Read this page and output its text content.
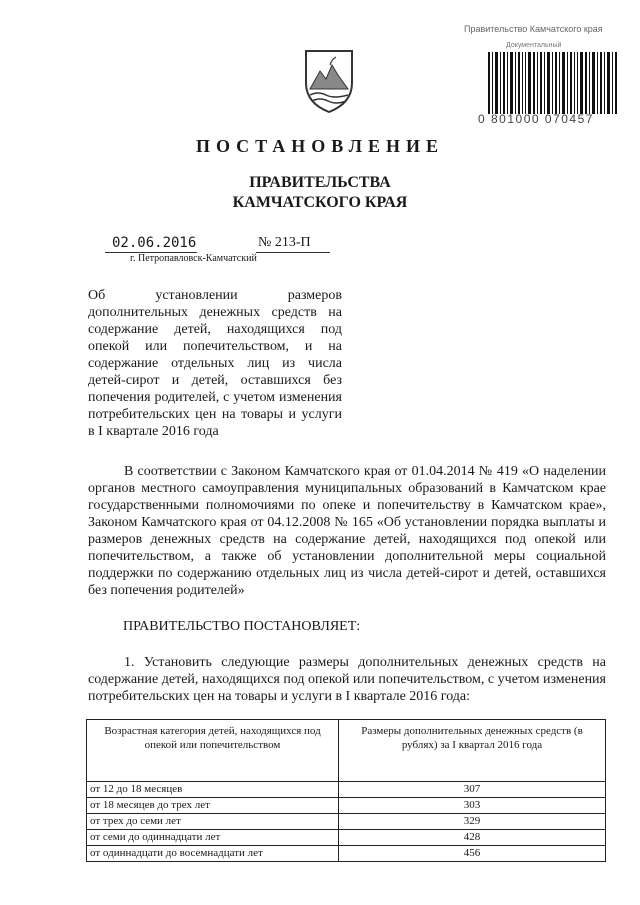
Правительство Камчатского края
Документальный
0 801000 070457
ПОСТАНОВЛЕНИЕ
ПРАВИТЕЛЬСТВА
КАМЧАТСКОГО КРАЯ
02.06.2016	№ 213-П
г. Петропавловск-Камчатский

Об установлении размеров дополнительных денежных средств на содержание детей, находящихся под опекой или попечительством, и на содержание отдельных лиц из числа детей-сирот и детей, оставшихся без попечения родителей, с учетом изменения потребительских цен на товары и услуги в I квартале 2016 года

В соответствии с Законом Камчатского края от 01.04.2014 № 419 «О наделении органов местного самоуправления муниципальных образований в Камчатском крае государственными полномочиями по опеке и попечительству в Камчатском крае», Законом Камчатского края от 04.12.2008 № 165 «Об установлении порядка выплаты и размеров денежных средств на содержание детей, находящихся под опекой или попечительством, а также об установлении дополнительной меры социальной поддержки по содержанию отдельных лиц из числа детей-сирот и детей, оставшихся без попечения родителей»

ПРАВИТЕЛЬСТВО ПОСТАНОВЛЯЕТ:

1. Установить следующие размеры дополнительных денежных средств на содержание детей, находящихся под опекой или попечительством, с учетом изменения потребительских цен на товары и услуги в I квартале 2016 года:

Возрастная категория детей, находящихся под опекой или попечительством	Размеры дополнительных денежных средств (в рублях) за I квартал 2016 года
от 12 до 18 месяцев	307
от 18 месяцев до трех лет	303
от трех до семи лет	329
от семи до одиннадцати лет	428
от одиннадцати до восемнадцати лет	456
